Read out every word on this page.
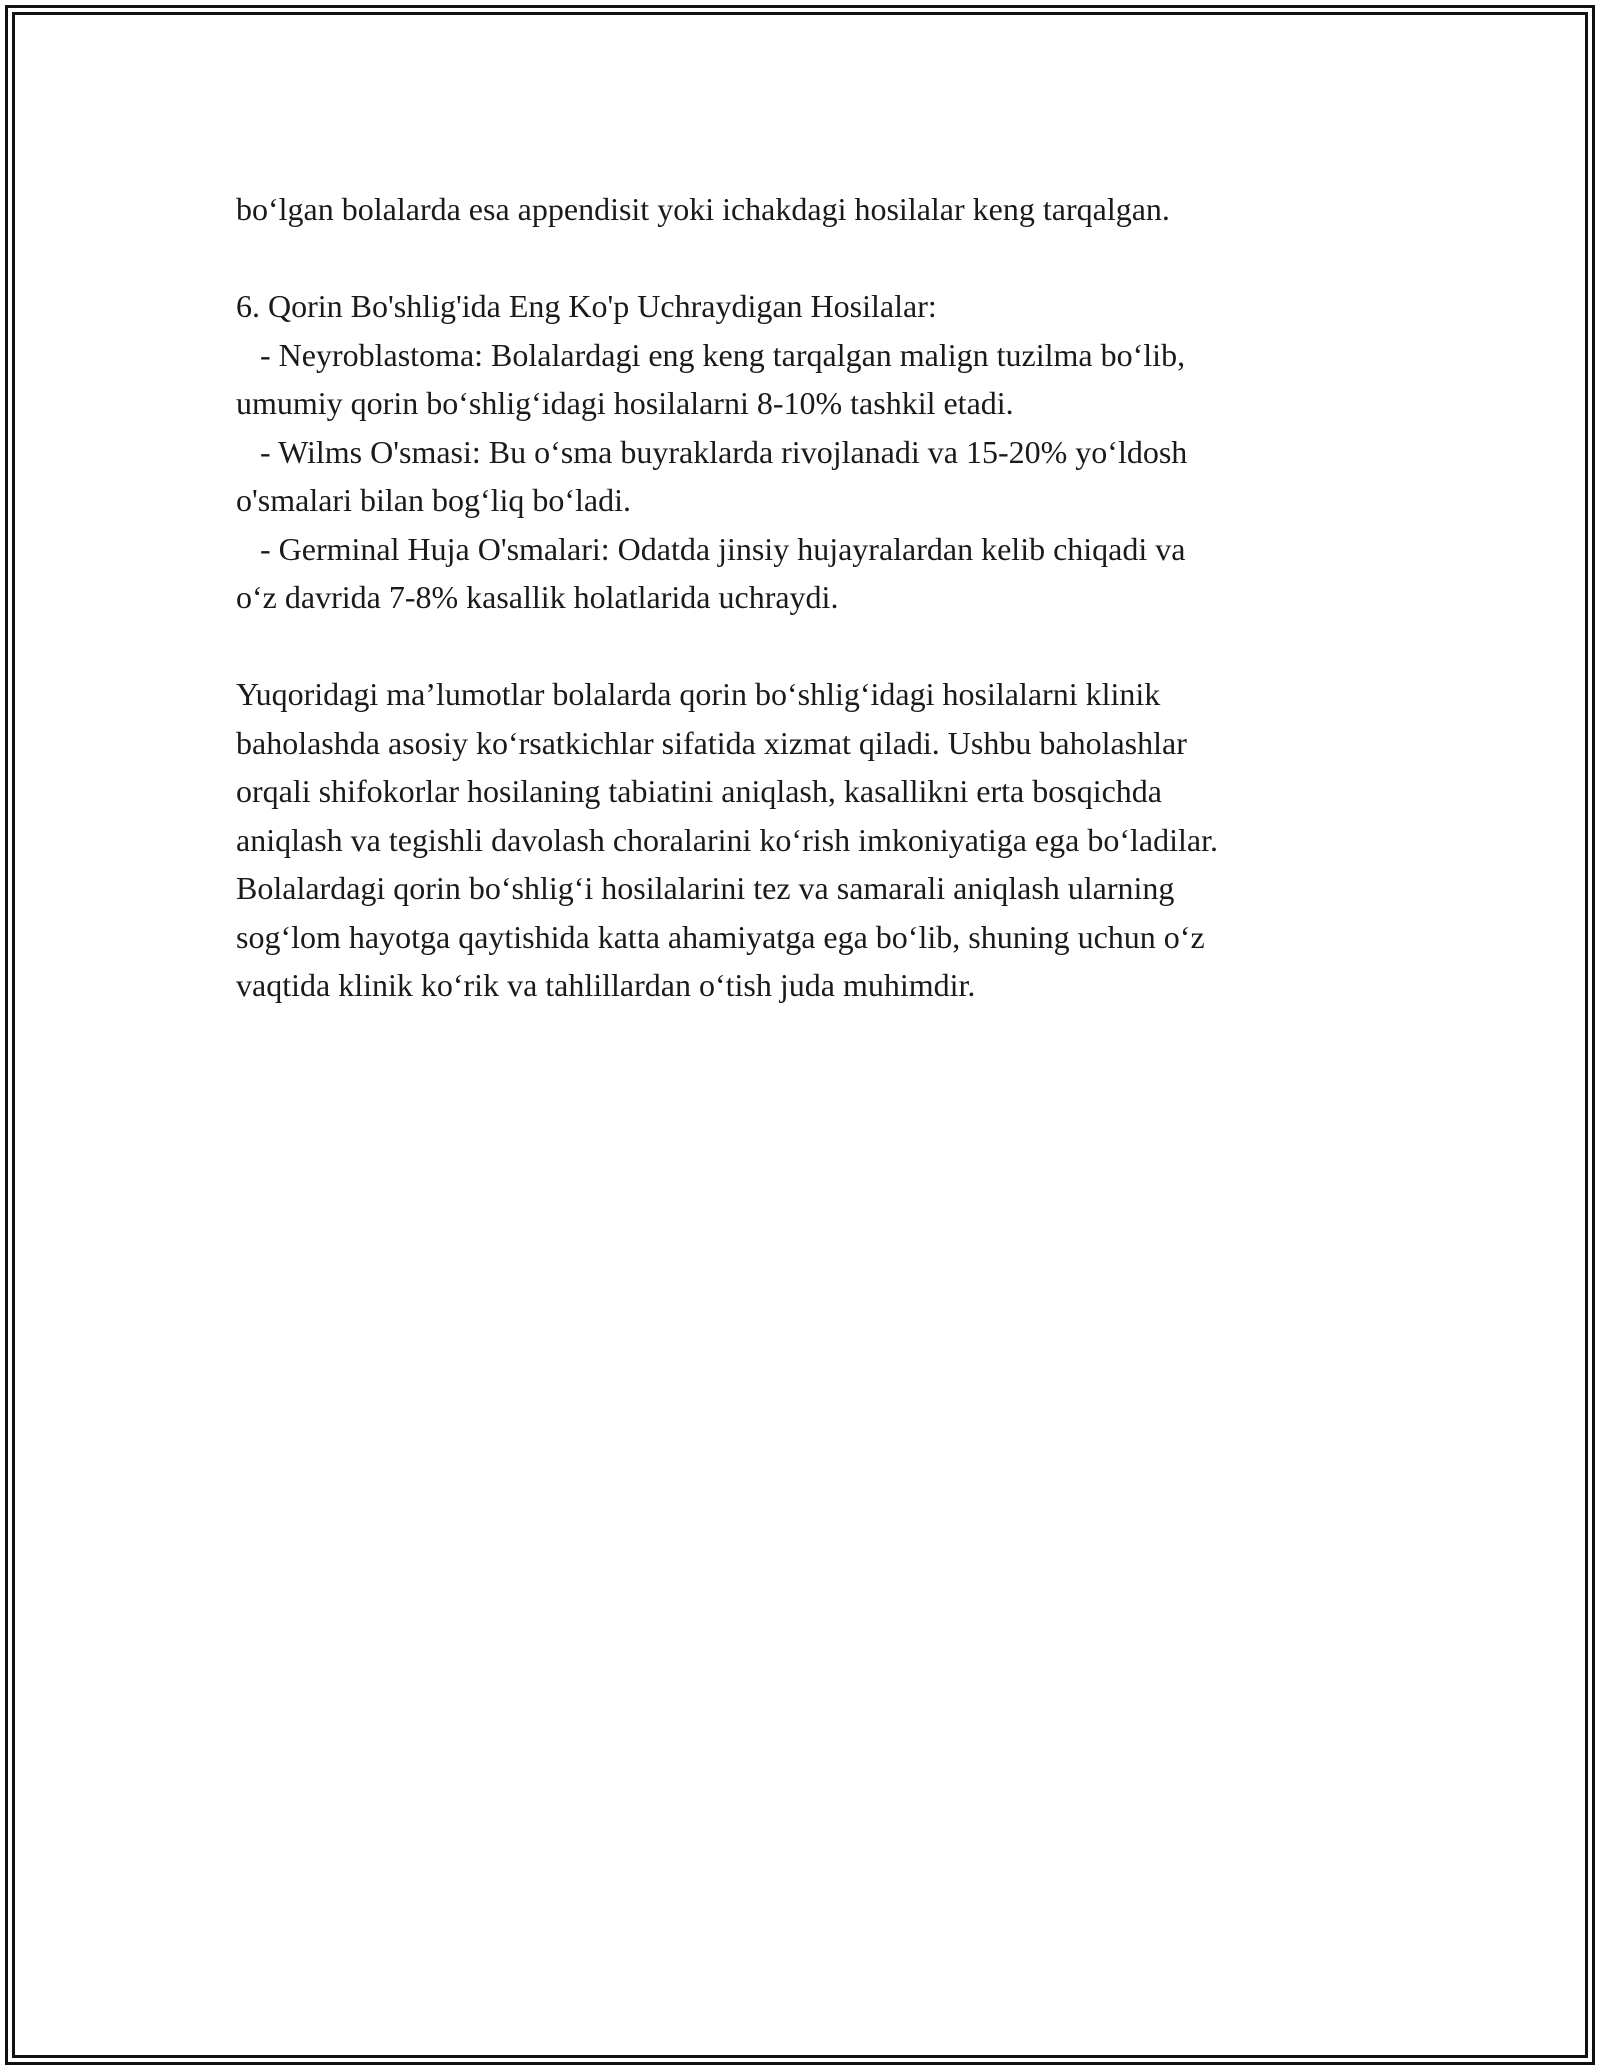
bo‘lgan bolalarda esa appendisit yoki ichakdagi hosilalar keng tarqalgan.

6. Qorin Bo'shlig'ida Eng Ko'p Uchraydigan Hosilalar:

- Neyroblastoma: Bolalardagi eng keng tarqalgan malign tuzilma bo‘lib,

umumiy qorin bo‘shlig‘idagi hosilalarni 8-10% tashkil etadi.

- Wilms O'smasi: Bu o‘sma buyraklarda rivojlanadi va 15-20% yo‘ldosh

o'smalari bilan bog‘liq bo‘ladi.

- Germinal Huja O'smalari: Odatda jinsiy hujayralardan kelib chiqadi va

o‘z davrida 7-8% kasallik holatlarida uchraydi.

Yuqoridagi ma’lumotlar bolalarda qorin bo‘shlig‘idagi hosilalarni klinik

baholashda asosiy ko‘rsatkichlar sifatida xizmat qiladi. Ushbu baholashlar

orqali shifokorlar hosilaning tabiatini aniqlash, kasallikni erta bosqichda

aniqlash va tegishli davolash choralarini ko‘rish imkoniyatiga ega bo‘ladilar.

Bolalardagi qorin bo‘shlig‘i hosilalarini tez va samarali aniqlash ularning

sog‘lom hayotga qaytishida katta ahamiyatga ega bo‘lib, shuning uchun o‘z

vaqtida klinik ko‘rik va tahlillardan o‘tish juda muhimdir.
